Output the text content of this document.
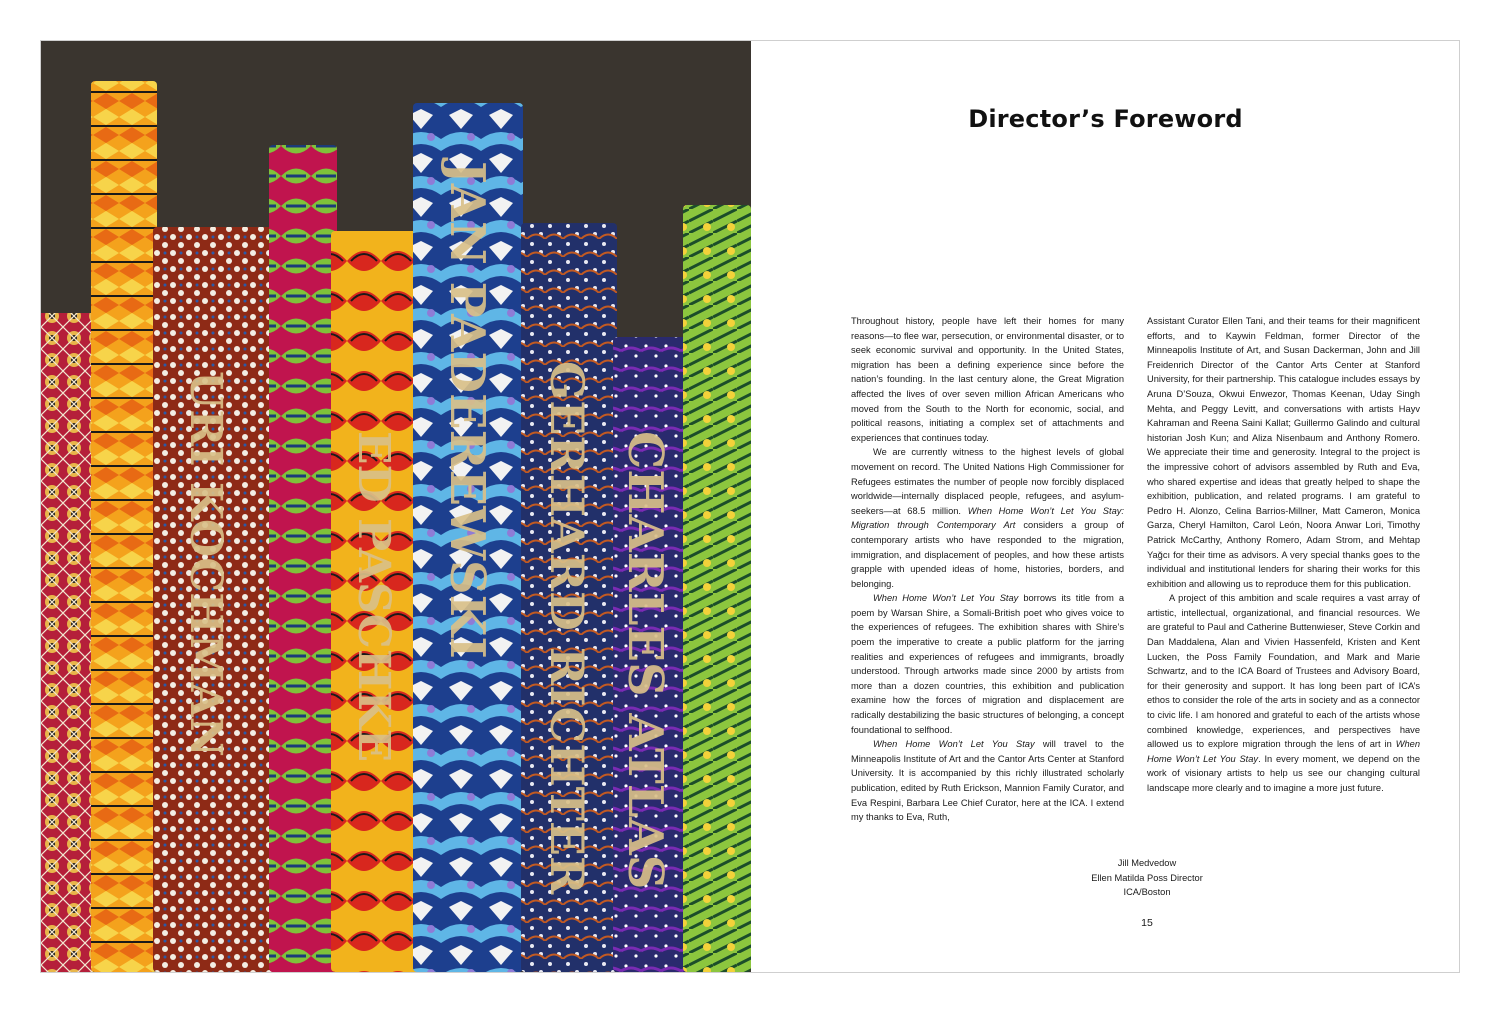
URI KOCHMAN	ED PASCHKE JAN PADEREWSKI GERHARD RICHTER CHARLES ATLAS
Director’s Foreword

Throughout history, people have left their homes for many reasons—to flee war, persecution, or environmental disaster, or to seek economic survival and opportunity. In the United States, migration has been a defining experience since before the nation’s founding. In the last century alone, the Great Migration affected the lives of over seven million African Americans who moved from the South to the North for economic, social, and political reasons, initiating a complex set of attachments and experiences that continues today.

We are currently witness to the highest levels of global movement on record. The United Nations High Commissioner for Refugees estimates the number of people now forcibly displaced worldwide—internally displaced people, refugees, and asylum-seekers—at 68.5 million. When Home Won’t Let You Stay: Migration through Contemporary Art considers a group of contemporary artists who have responded to the migration, immigration, and displacement of peoples, and how these artists grapple with upended ideas of home, histories, borders, and belonging.

When Home Won’t Let You Stay borrows its title from a poem by Warsan Shire, a Somali-British poet who gives voice to the experiences of refugees. The exhibition shares with Shire’s poem the imperative to create a public platform for the jarring realities and experiences of refugees and immigrants, broadly understood. Through artworks made since 2000 by artists from more than a dozen countries, this exhibition and publication examine how the forces of migration and displacement are radically destabilizing the basic structures of belonging, a concept foundational to selfhood.

When Home Won’t Let You Stay will travel to the Minneapolis Institute of Art and the Cantor Arts Center at Stanford University. It is accompanied by this richly illustrated scholarly publication, edited by Ruth Erickson, Mannion Family Curator, and Eva Respini, Barbara Lee Chief Curator, here at the ICA. I extend my thanks to Eva, Ruth,

Assistant Curator Ellen Tani, and their teams for their magnificent efforts, and to Kaywin Feldman, former Director of the Minneapolis Institute of Art, and Susan Dackerman, John and Jill Freidenrich Director of the Cantor Arts Center at Stanford University, for their partnership. This catalogue includes essays by Aruna D’Souza, Okwui Enwezor, Thomas Keenan, Uday Singh Mehta, and Peggy Levitt, and conversations with artists Hayv Kahraman and Reena Saini Kallat; Guillermo Galindo and cultural historian Josh Kun; and Aliza Nisenbaum and Anthony Romero. We appreciate their time and generosity. Integral to the project is the impressive cohort of advisors assembled by Ruth and Eva, who shared expertise and ideas that greatly helped to shape the exhibition, publication, and related programs. I am grateful to Pedro H. Alonzo, Celina Barrios-Millner, Matt Cameron, Monica Garza, Cheryl Hamilton, Carol León, Noora Anwar Lori, Timothy Patrick McCarthy, Anthony Romero, Adam Strom, and Mehtap Yağcı for their time as advisors. A very special thanks goes to the individual and institutional lenders for sharing their works for this exhibition and allowing us to reproduce them for this publication.

A project of this ambition and scale requires a vast array of artistic, intellectual, organizational, and financial resources. We are grateful to Paul and Catherine Buttenwieser, Steve Corkin and Dan Maddalena, Alan and Vivien Hassenfeld, Kristen and Kent Lucken, the Poss Family Foundation, and Mark and Marie Schwartz, and to the ICA Board of Trustees and Advisory Board, for their generosity and support. It has long been part of ICA’s ethos to consider the role of the arts in society and as a connector to civic life. I am honored and grateful to each of the artists whose combined knowledge, experiences, and perspectives have allowed us to explore migration through the lens of art in When Home Won’t Let You Stay. In every moment, we depend on the work of visionary artists to help us see our changing cultural landscape more clearly and to imagine a more just future.

Jill Medvedow
Ellen Matilda Poss Director
ICA/Boston
15
